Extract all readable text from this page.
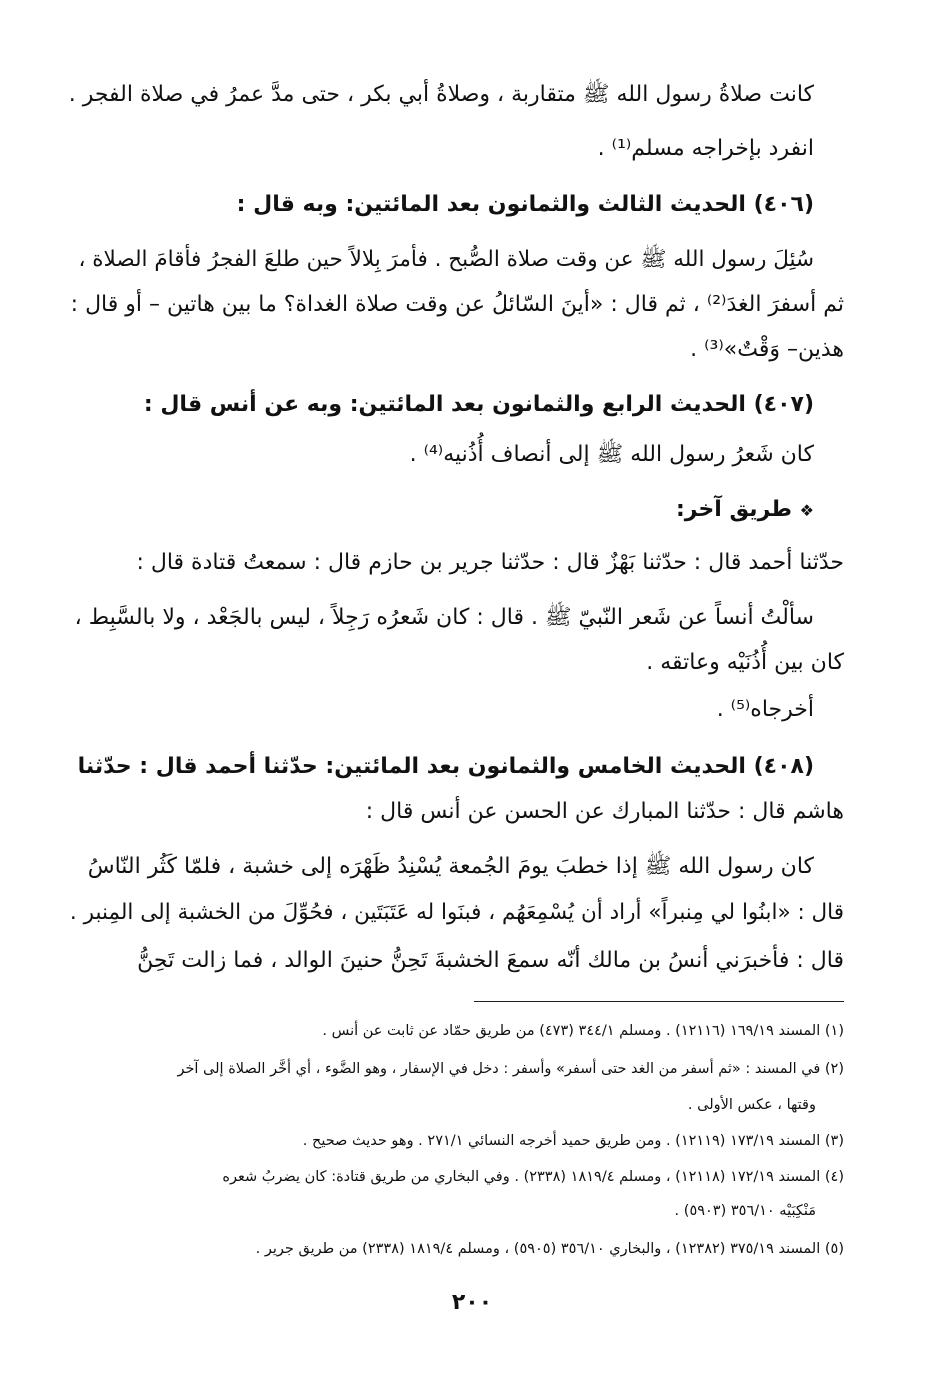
كانت صلاةُ رسول الله ﷺ متقاربة ، وصلاةُ أبي بكر ، حتى مدَّ عمرُ في صلاة الفجر .
انفرد بإخراجه مسلم⁽¹⁾ .
(٤٠٦) الحديث الثالث والثمانون بعد المائتين: وبه قال :
سُئِلَ رسول الله ﷺ عن وقت صلاة الصُّبح . فأمرَ بِلالاً حين طلعَ الفجرُ فأقامَ الصلاة ،
ثم أسفرَ الغدَ⁽²⁾ ، ثم قال : «أينَ السّائلُ عن وقت صلاة الغداة؟ ما بين هاتين – أو قال :
هذين– وَقْتٌ»⁽³⁾ .
(٤٠٧) الحديث الرابع والثمانون بعد المائتين: وبه عن أنس قال :
كان شَعرُ رسول الله ﷺ إلى أنصاف أُذُنيه⁽⁴⁾ .
❖ طريق آخر:
حدّثنا أحمد قال : حدّثنا بَهْزٌ قال : حدّثنا جرير بن حازم قال : سمعتُ قتادة قال :
سألْتُ أنساً عن شَعر النّبيّ ﷺ . قال : كان شَعرُه رَجِلاً ، ليس بالجَعْد ، ولا بالسَّبِط ،
كان بين أُذُنَيْه وعاتقه .
أخرجاه⁽⁵⁾ .
(٤٠٨) الحديث الخامس والثمانون بعد المائتين: حدّثنا أحمد قال : حدّثنا
هاشم قال : حدّثنا المبارك عن الحسن عن أنس قال :
كان رسول الله ﷺ إذا خطبَ يومَ الجُمعة يُسْنِدُ ظَهْرَه إلى خشبة ، فلمّا كَثُر النّاسُ
قال : «ابنُوا لي مِنبراً» أراد أن يُسْمِعَهُم ، فبنَوا له عَتَبَتَين ، فحُوِّلَ من الخشبة إلى المِنبر .
قال : فأخبرَني أنسُ بن مالك أنّه سمعَ الخشبةَ تَحِنُّ حنينَ الوالد ، فما زالت تَحِنُّ
(١) المسند ١٦٩/١٩ (١٢١١٦) . ومسلم ٣٤٤/١ (٤٧٣) من طريق حمّاد عن ثابت عن أنس .
(٢) في المسند : «ثم أسفر من الغد حتى أسفر» وأسفر : دخل في الإسفار ، وهو الضَّوء ، أي أخَّر الصلاة إلى آخر
وقتها ، عكس الأولى .
(٣) المسند ١٧٣/١٩ (١٢١١٩) . ومن طريق حميد أخرجه النسائي ٢٧١/١ . وهو حديث صحيح .
(٤) المسند ١٧٢/١٩ (١٢١١٨) ، ومسلم ١٨١٩/٤ (٢٣٣٨) . وفي البخاري من طريق قتادة: كان يضربُ شعره
مَنْكِبَيْه ٣٥٦/١٠ (٥٩٠٣) .
(٥) المسند ٣٧٥/١٩ (١٢٣٨٢) ، والبخاري ٣٥٦/١٠ (٥٩٠٥) ، ومسلم ١٨١٩/٤ (٢٣٣٨) من طريق جرير .
٢٠٠
